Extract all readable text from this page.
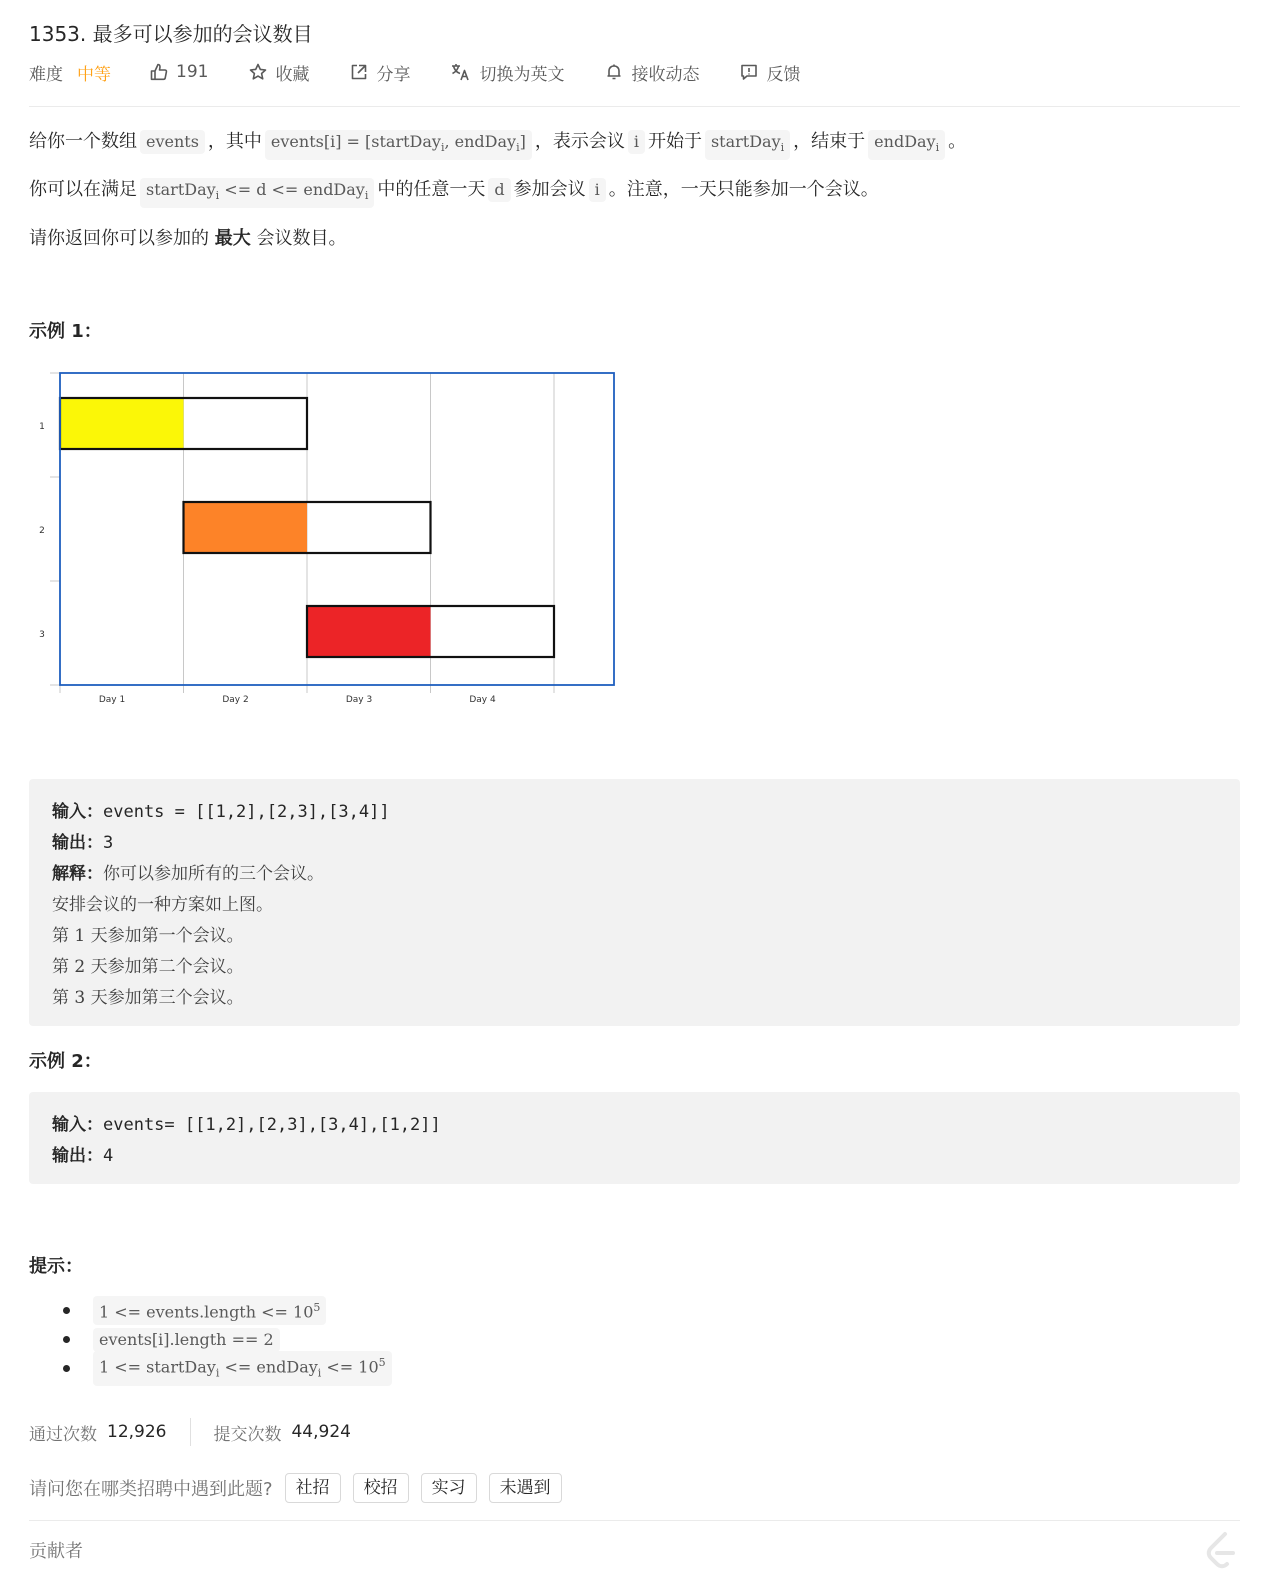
1353. 最多可以参加的会议数目
难度 中等	191	收藏	分享	切换为英文	接收动态	反馈
给你一个数组 events ，其中 events[i] = [startDay$_i$, endDay$_i$] ，表示会议 i 开始于 startDay$_i$ ，结束于 endDay$_i$ 。
你可以在满足 startDay$_i$ <= d <= endDay$_i$ 中的任意一天 d 参加会议 i 。注意，一天只能参加一个会议。
请你返回你可以参加的 最大 会议数目。
示例 1：
1
2
3
Day 1	Day 2	Day 3	Day 4
输入：events = [[1,2],[2,3],[3,4]]
输出：3
解释：你可以参加所有的三个会议。
安排会议的一种方案如上图。
第 1 天参加第一个会议。
第 2 天参加第二个会议。
第 3 天参加第三个会议。
示例 2：
输入：events= [[1,2],[2,3],[3,4],[1,2]]
输出：4
提示：
1 <= events.length <= $10^5$
events[i].length == 2
1 <= startDay$_i$ <= endDay$_i$ <= $10^5$
通过次数 12,926	提交次数 44,924
请问您在哪类招聘中遇到此题?	社招	校招	实习	未遇到
贡献者
